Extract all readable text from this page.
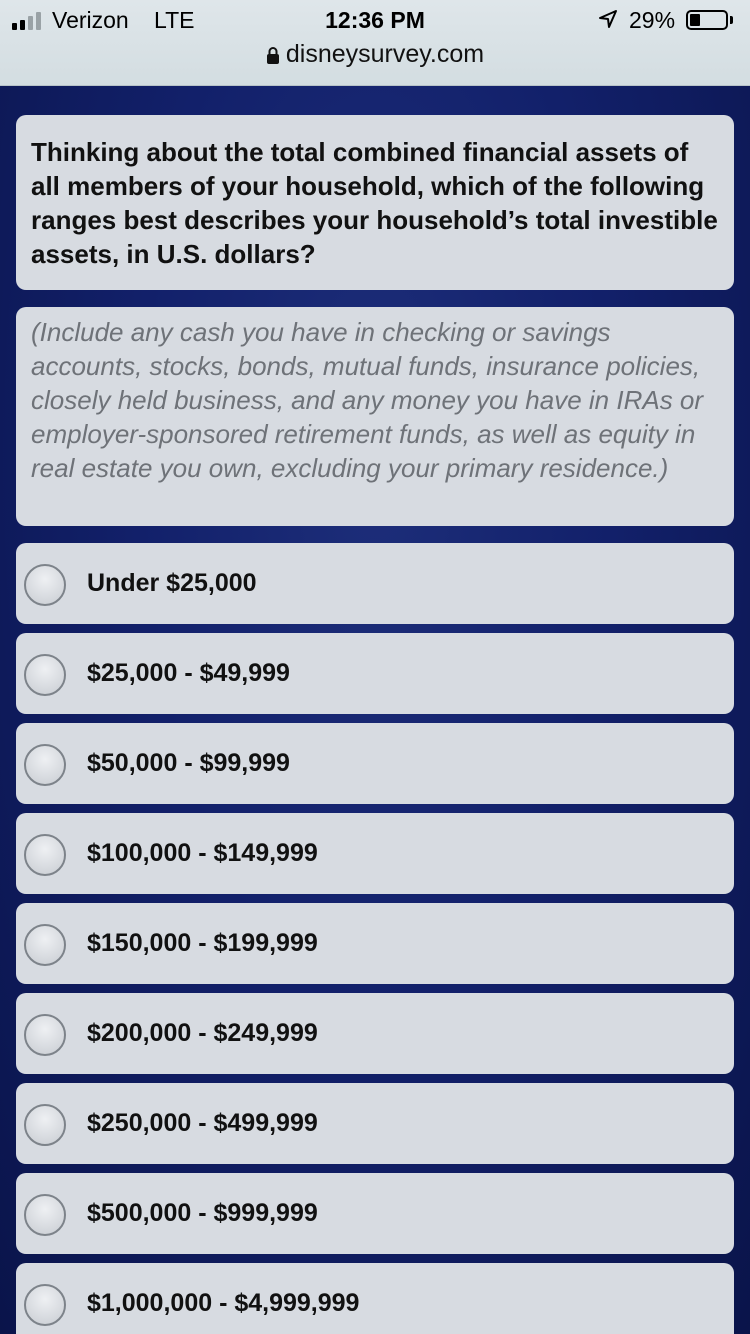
Verizon LTE	12:36 PM	29%
disneysurvey.com
Thinking about the total combined financial assets of all members of your household, which of the following ranges best describes your household’s total investible assets, in U.S. dollars?
(Include any cash you have in checking or savings accounts, stocks, bonds, mutual funds, insurance policies, closely held business, and any money you have in IRAs or employer-sponsored retirement funds, as well as equity in real estate you own, excluding your primary residence.)
Under $25,000
$25,000 - $49,999
$50,000 - $99,999
$100,000 - $149,999
$150,000 - $199,999
$200,000 - $249,999
$250,000 - $499,999
$500,000 - $999,999
$1,000,000 - $4,999,999
